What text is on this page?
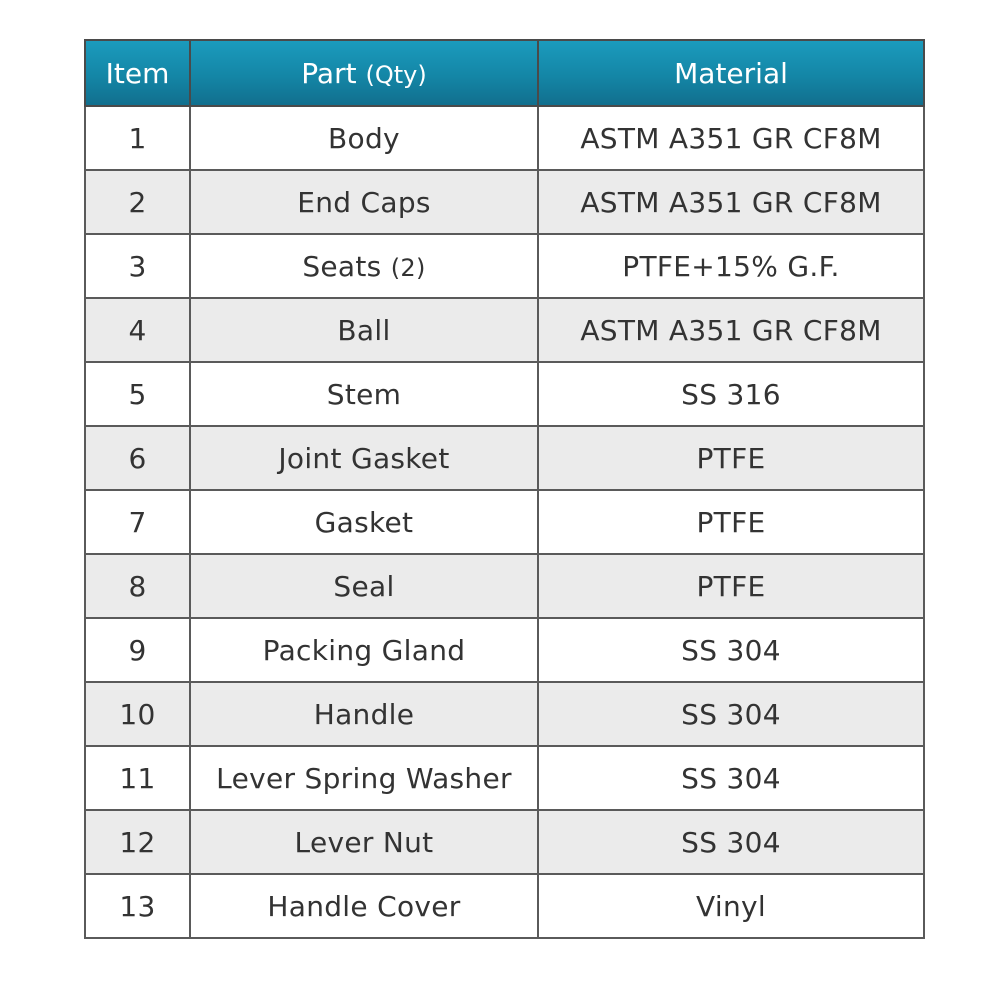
Item	Part (Qty)	Material
1	Body	ASTM A351 GR CF8M
2	End Caps	ASTM A351 GR CF8M
3	Seats (2)	PTFE+15% G.F.
4	Ball	ASTM A351 GR CF8M
5	Stem	SS 316
6	Joint Gasket	PTFE
7	Gasket	PTFE
8	Seal	PTFE
9	Packing Gland	SS 304
10	Handle	SS 304
11	Lever Spring Washer	SS 304
12	Lever Nut	SS 304
13	Handle Cover	Vinyl
